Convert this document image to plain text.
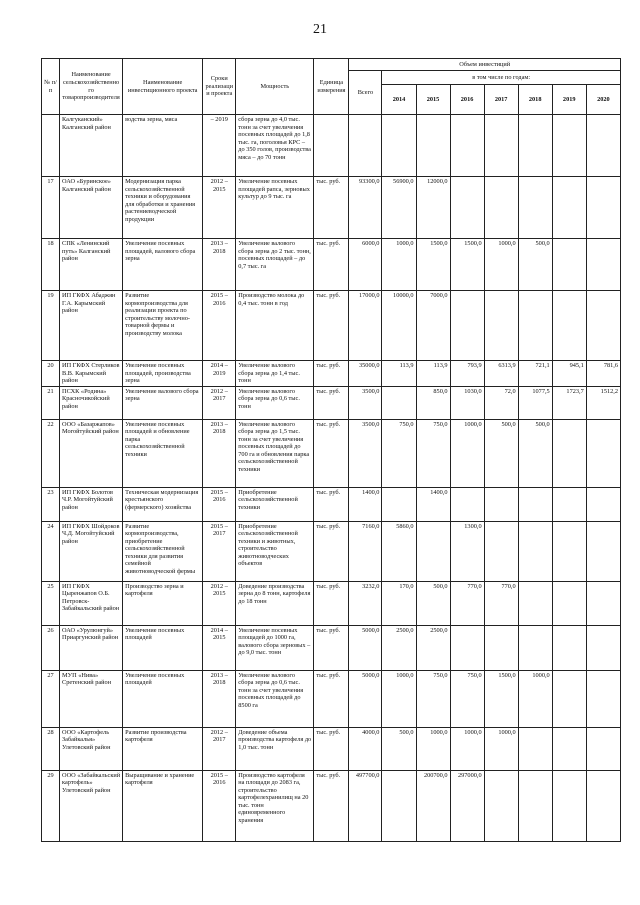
21
№ п/п	Наименование сельскохозяйственного товаропроизводителя	Наименование инвестиционного проекта	Сроки реализации проекта	Мощность	Единица измерения	Объем инвестиций							
						Всего	в том числе по годам:						
							2014	2015	2016	2017	2018	2019	2020
	Калгуканский» Калганский район	водства зерна, мяса	– 2019	сбора зерна до 4,0 тыс. тонн за счет увеличения посевных площадей до 1,8 тыс. га, поголовья КРС – до 350 голов, производства мяса – до 70 тонн									
17	ОАО «Буринское» Калганский район	Модернизация парка сельскохозяйственной техники и оборудования для обработки и хранения растениеводческой продукции	2012 – 2015	Увеличение посевных площадей рапса, зерновых культур до 9 тыс. га	тыс. руб.	93300,0	56900,0	12000,0					
18	СПК «Ленинский путь» Калганский район	Увеличение посевных площадей, валового сбора зерна	2013 – 2018	Увеличение валового сбора зерна до 2 тыс. тонн, посевных площадей – до 0,7 тыс. га	тыс. руб.	6000,0	1000,0	1500,0	1500,0	1000,0	500,0		
19	ИП ГКФХ Абаджян Г.А. Карымский район	Развитие кормопроизводства для реализации проекта по строительству молочно-товарной фермы и производству молока	2015 – 2016	Производство молока до 0,4 тыс. тонн в год	тыс. руб.	17000,0	10000,0	7000,0					
20	ИП ГКФХ Стерликов В.В. Карымский район	Увеличение посевных площадей, производства зерна	2014 – 2019	Увеличение валового сбора зерна до 1,4 тыс. тонн	тыс. руб.	35000,0	113,9	113,9	793,9	6313,9	721,1	945,1	781,6
21	ПСХК «Родина» Красночикойский район	Увеличение валового сбора зерна	2012 – 2017	Увеличение валового сбора зерна до 0,6 тыс. тонн	тыс. руб.	3500,0		850,0	1030,0	72,0	1077,5	1723,7	1512,2
22	ООО «Базаржапов» Могойтуйский район	Увеличение посевных площадей и обновление парка сельскохозяйственной техники	2013 – 2018	Увеличение валового сбора зерна до 1,5 тыс. тонн за счет увеличения посевных площадей до 700 га и обновления парка сельскохозяйственной техники	тыс. руб.	3500,0	750,0	750,0	1000,0	500,0	500,0		
23	ИП ГКФХ Болотов Ч.Р. Могойтуйский район	Техническая модернизация крестьянского (фермерского) хозяйства	2015 – 2016	Приобретение сельскохозяйственной техники	тыс. руб.	1400,0		1400,0					
24	ИП ГКФХ Шойдоков Ч.Д. Могойтуйский район	Развитие кормопроизводства, приобретение сельскохозяйственной техники для развития семейной животноводческой фермы	2015 – 2017	Приобретение сельскохозяйственной техники и животных, строительство животноводческих объектов	тыс. руб.	7160,0	5860,0		1300,0				
25	ИП ГКФХ Цыренжапов О.Б. Петровск-Забайкальский район	Производство зерна и картофеля	2012 – 2015	Доведение производства зерна до 8 тонн, картофеля до 18 тонн	тыс. руб.	3232,0	170,0	500,0	770,0	770,0			
26	ОАО «Урулюнгуй» Приаргунский район	Увеличение посевных площадей	2014 – 2015	Увеличение посевных площадей до 1000 га, валового сбора зерновых – до 9,0 тыс. тонн	тыс. руб.	5000,0	2500,0	2500,0					
27	МУП «Нива» Сретенский район	Увеличение посевных площадей	2013 – 2018	Увеличение валового сбора зерна до 0,6 тыс. тонн за счет увеличения посевных площадей до 8500 га	тыс. руб.	5000,0	1000,0	750,0	750,0	1500,0	1000,0		
28	ООО «Картофель Забайкалья» Улетовский район	Развитие производства картофеля	2012 – 2017	Доведение объема производства картофеля до 1,0 тыс. тонн	тыс. руб.	4000,0	500,0	1000,0	1000,0	1000,0			
29	ООО «Забайкальский картофель» Улетовский район	Выращивание и хранение картофеля	2015 – 2016	Производство картофеля на площади до 2083 га, строительство картофелехранилищ на 20 тыс. тонн единовременного хранения	тыс. руб.	497700,0		200700,0	297000,0				
